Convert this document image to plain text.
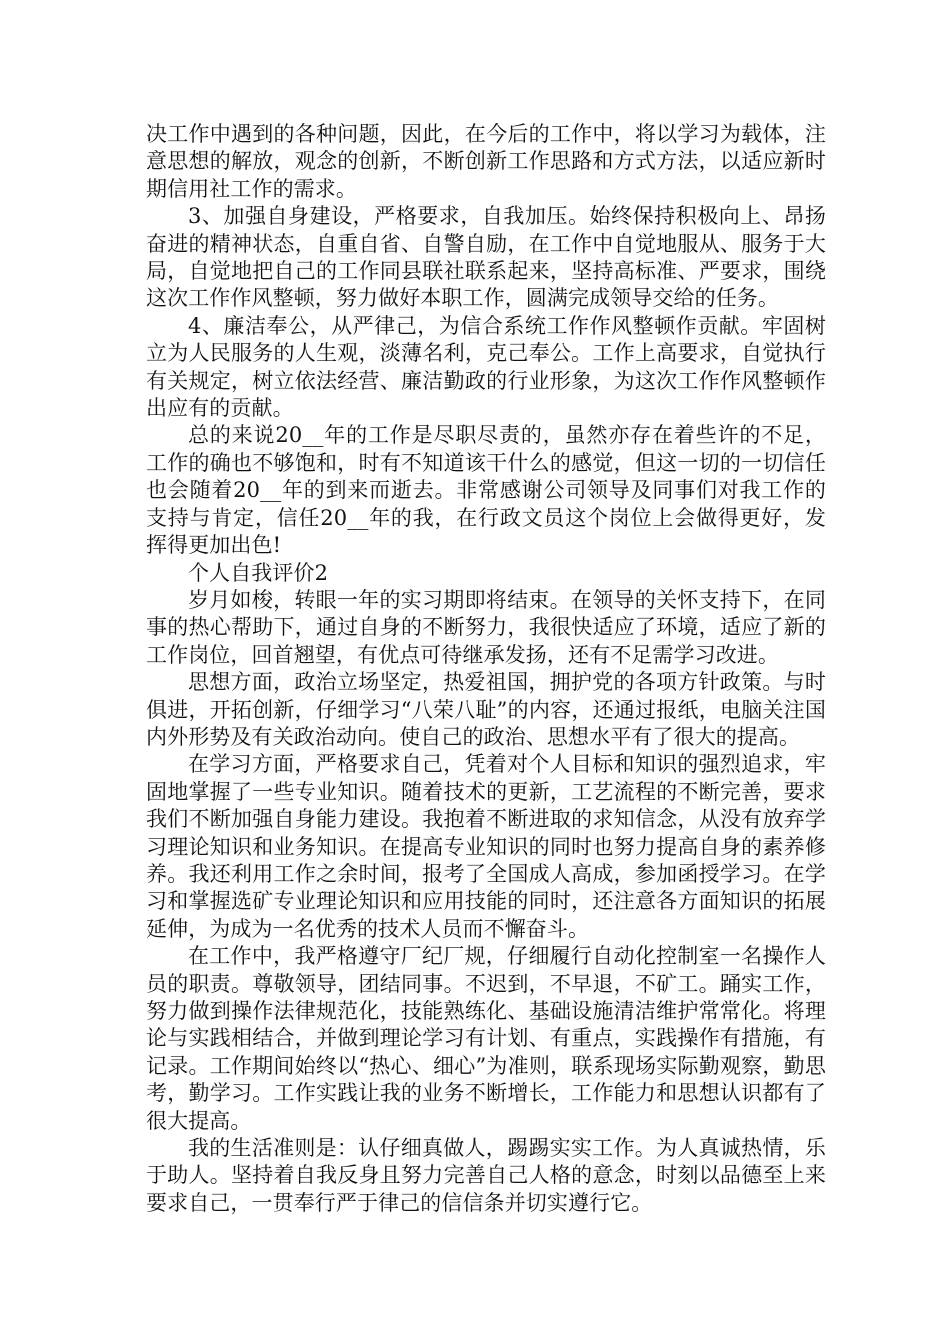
决工作中遇到的各种问题，因此，在今后的工作中，将以学习为载体，注意思想的解放，观念的创新，不断创新工作思路和方式方法，以适应新时期信用社工作的需求。

3、加强自身建设，严格要求，自我加压。始终保持积极向上、昂扬奋进的精神状态，自重自省、自警自励，在工作中自觉地服从、服务于大局，自觉地把自己的工作同县联社联系起来，坚持高标准、严要求，围绕这次工作作风整顿，努力做好本职工作，圆满完成领导交给的任务。

4、廉洁奉公，从严律己，为信合系统工作作风整顿作贡献。牢固树立为人民服务的人生观，淡薄名利，克己奉公。工作上高要求，自觉执行有关规定，树立依法经营、廉洁勤政的行业形象，为这次工作作风整顿作出应有的贡献。

总的来说20__年的工作是尽职尽责的，虽然亦存在着些许的不足，工作的确也不够饱和，时有不知道该干什么的感觉，但这一切的一切信任也会随着20__年的到来而逝去。非常感谢公司领导及同事们对我工作的支持与肯定，信任20__年的我，在行政文员这个岗位上会做得更好，发挥得更加出色!

个人自我评价2

岁月如梭，转眼一年的实习期即将结束。在领导的关怀支持下，在同事的热心帮助下，通过自身的不断努力，我很快适应了环境，适应了新的工作岗位，回首翘望，有优点可待继承发扬，还有不足需学习改进。

思想方面，政治立场坚定，热爱祖国，拥护党的各项方针政策。与时俱进，开拓创新，仔细学习“八荣八耻”的内容，还通过报纸，电脑关注国内外形势及有关政治动向。使自己的政治、思想水平有了很大的提高。

在学习方面，严格要求自己，凭着对个人目标和知识的强烈追求，牢固地掌握了一些专业知识。随着技术的更新，工艺流程的不断完善，要求我们不断加强自身能力建设。我抱着不断进取的求知信念，从没有放弃学习理论知识和业务知识。在提高专业知识的同时也努力提高自身的素养修养。我还利用工作之余时间，报考了全国成人高成，参加函授学习。在学习和掌握选矿专业理论知识和应用技能的同时，还注意各方面知识的拓展延伸，为成为一名优秀的技术人员而不懈奋斗。

在工作中，我严格遵守厂纪厂规，仔细履行自动化控制室一名操作人员的职责。尊敬领导，团结同事。不迟到，不早退，不矿工。踊实工作，努力做到操作法律规范化，技能熟练化、基础设施清洁维护常常化。将理论与实践相结合，并做到理论学习有计划、有重点，实践操作有措施，有记录。工作期间始终以“热心、细心”为准则，联系现场实际勤观察，勤思考，勤学习。工作实践让我的业务不断增长，工作能力和思想认识都有了很大提高。

我的生活准则是：认仔细真做人，踢踢实实工作。为人真诚热情，乐于助人。坚持着自我反身且努力完善自己人格的意念，时刻以品德至上来要求自己，一贯奉行严于律己的信信条并切实遵行它。
